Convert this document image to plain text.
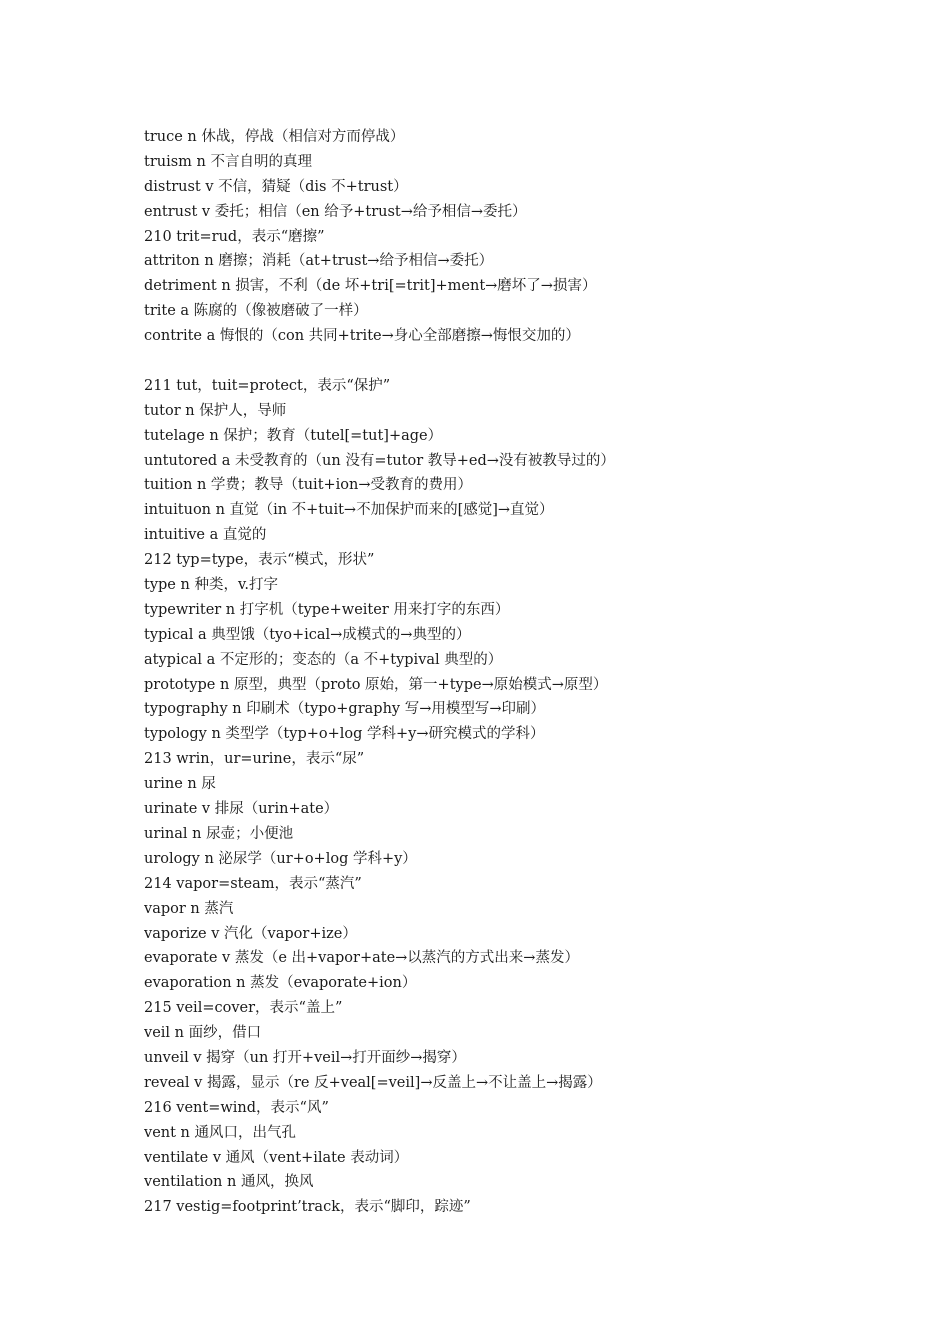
truce n 休战，停战（相信对方而停战）
truism n 不言自明的真理
distrust v 不信，猜疑（dis 不+trust）
entrust v 委托；相信（en 给予+trust→给予相信→委托）
210 trit=rud，表示“磨擦”
attriton n 磨擦；消耗（at+trust→给予相信→委托）
detriment n 损害，不利（de 坏+tri[=trit]+ment→磨坏了→损害）
trite a 陈腐的（像被磨破了一样）
contrite a 悔恨的（con 共同+trite→身心全部磨擦→悔恨交加的）
211 tut，tuit=protect，表示“保护”
tutor n 保护人，导师
tutelage n 保护；教育（tutel[=tut]+age）
untutored a 未受教育的（un 没有=tutor 教导+ed→没有被教导过的）
tuition n 学费；教导（tuit+ion→受教育的费用）
intuituon n 直觉（in 不+tuit→不加保护而来的[感觉]→直觉）
intuitive a 直觉的
212 typ=type，表示“模式，形状”
type n 种类，v.打字
typewriter n 打字机（type+weiter 用来打字的东西）
typical a 典型饿（tyo+ical→成模式的→典型的）
atypical a 不定形的；变态的（a 不+typival 典型的）
prototype n 原型，典型（proto 原始，第一+type→原始模式→原型）
typography n 印刷术（typo+graphy 写→用模型写→印刷）
typology n 类型学（typ+o+log 学科+y→研究模式的学科）
213 wrin，ur=urine，表示“尿”
urine n 尿
urinate v 排尿（urin+ate）
urinal n 尿壶；小便池
urology n 泌尿学（ur+o+log 学科+y）
214 vapor=steam，表示“蒸汽”
vapor n 蒸汽
vaporize v 汽化（vapor+ize）
evaporate v 蒸发（e 出+vapor+ate→以蒸汽的方式出来→蒸发）
evaporation n 蒸发（evaporate+ion）
215 veil=cover，表示“盖上”
veil n 面纱，借口
unveil v 揭穿（un 打开+veil→打开面纱→揭穿）
reveal v 揭露，显示（re 反+veal[=veil]→反盖上→不让盖上→揭露）
216 vent=wind，表示“风”
vent n 通风口，出气孔
ventilate v 通风（vent+ilate 表动词）
ventilation n 通风，换风
217 vestig=footprint’track，表示“脚印，踪迹”
